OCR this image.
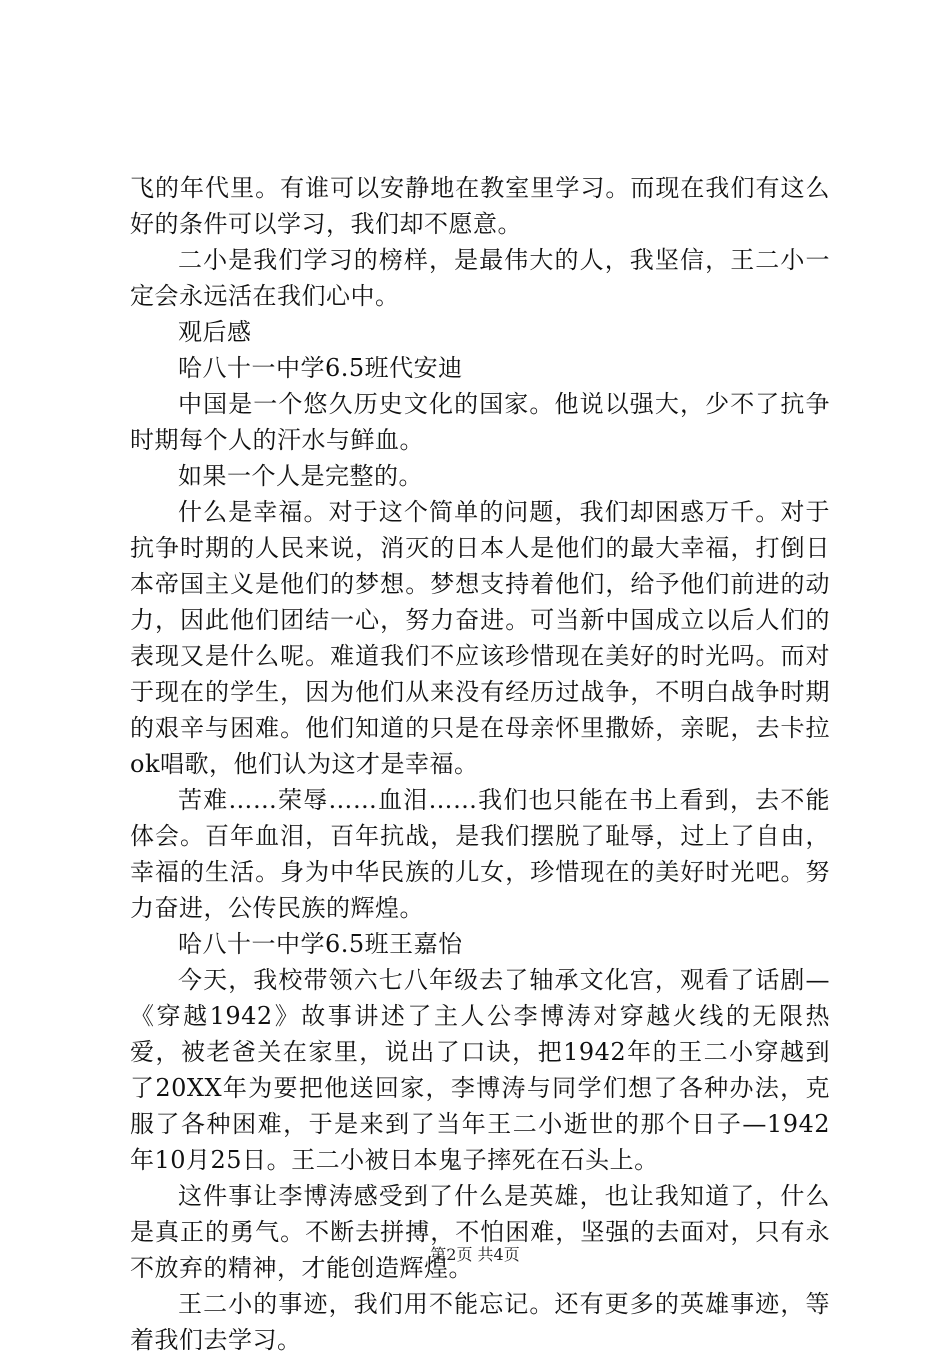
飞的年代里。有谁可以安静地在教室里学习。而现在我们有这么好的条件可以学习，我们却不愿意。

二小是我们学习的榜样，是最伟大的人，我坚信，王二小一定会永远活在我们心中。

观后感

哈八十一中学6.5班代安迪

中国是一个悠久历史文化的国家。他说以强大，少不了抗争时期每个人的汗水与鲜血。

如果一个人是完整的。

什么是幸福。对于这个简单的问题，我们却困惑万千。对于抗争时期的人民来说，消灭的日本人是他们的最大幸福，打倒日本帝国主义是他们的梦想。梦想支持着他们，给予他们前进的动力，因此他们团结一心，努力奋进。可当新中国成立以后人们的表现又是什么呢。难道我们不应该珍惜现在美好的时光吗。而对于现在的学生，因为他们从来没有经历过战争，不明白战争时期的艰辛与困难。他们知道的只是在母亲怀里撒娇，亲昵，去卡拉ok唱歌，他们认为这才是幸福。

苦难……荣辱……血泪……我们也只能在书上看到，去不能体会。百年血泪，百年抗战，是我们摆脱了耻辱，过上了自由，幸福的生活。身为中华民族的儿女，珍惜现在的美好时光吧。努力奋进，公传民族的辉煌。

哈八十一中学6.5班王嘉怡

今天，我校带领六七八年级去了轴承文化宫，观看了话剧—《穿越1942》故事讲述了主人公李博涛对穿越火线的无限热爱，被老爸关在家里，说出了口诀，把1942年的王二小穿越到了20XX年为要把他送回家，李博涛与同学们想了各种办法，克服了各种困难，于是来到了当年王二小逝世的那个日子—1942年10月25日。王二小被日本鬼子摔死在石头上。

这件事让李博涛感受到了什么是英雄，也让我知道了，什么是真正的勇气。不断去拼搏，不怕困难，坚强的去面对，只有永不放弃的精神，才能创造辉煌。

王二小的事迹，我们用不能忘记。还有更多的英雄事迹，等着我们去学习。

第2页 共4页
